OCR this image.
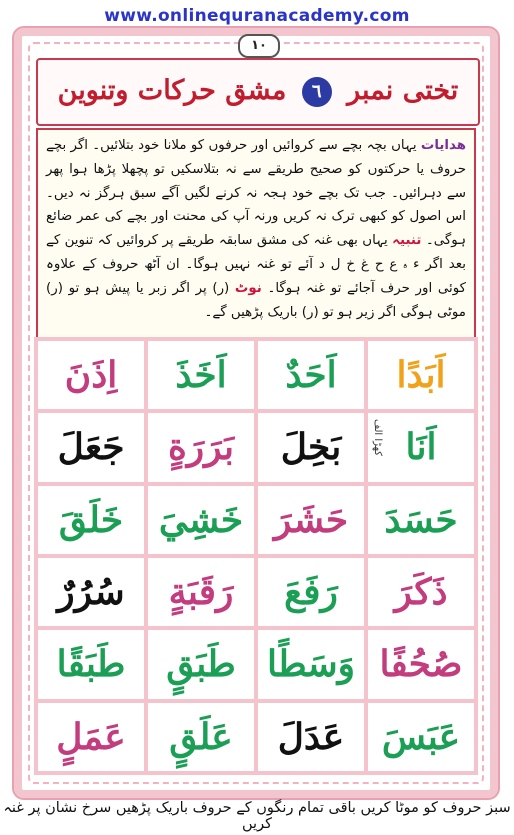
www.onlinequranacademy.com
١٠
تختی نمبر ٦ مشق حرکات وتنوین
ھدایات یہاں بچہ بچے سے کروائیں اور حرفوں کو ملانا خود بتلائیں۔ اگر بچے حروف یا حرکتوں کو صحیح طریقے سے نہ بتلاسکیں تو پچھلا پڑھا ہوا پھر سے دہرائیں۔ جب تک بچے خود ہجہ نہ کرنے لگیں آگے سبق ہرگز نہ دیں۔ اس اصول کو کبھی ترک نہ کریں ورنہ آپ کی محنت اور بچے کی عمر ضائع ہوگی۔ تنبیہ یہاں بھی غنہ کی مشق سابقہ طریقے پر کروائیں کہ تنوین کے بعد اگر ء ﮦ ع ح غ خ ل د آئے تو غنہ نہیں ہوگا۔ ان آٹھ حروف کے علاوہ کوئی اور حرف آجائے تو غنہ ہوگا۔ نوٹ (ر) پر اگر زبر یا پیش ہو تو (ر) موٹی ہوگی اگر زیر ہو تو (ر) باریک پڑھیں گے۔
اِذَنَ اَخَذَ اَحَدٌ اَبَدًا
جَعَلَ بَرَرَةٍ بَخِلَ اَنَا
کھڑا الف
خَلَقَ خَشِيَ حَشَرَ حَسَدَ
سُرُرٌ رَقَبَةٍ رَفَعَ ذَكَرَ
طَبَقًا طَبَقٍ وَسَطًا صُحُفًا
عَمَلٍ عَلَقٍ عَدَلَ عَبَسَ
سبز حروف کو موٹا کریں باقی تمام رنگوں کے حروف باریک پڑھیں سرخ نشان پر غنہ کریں
